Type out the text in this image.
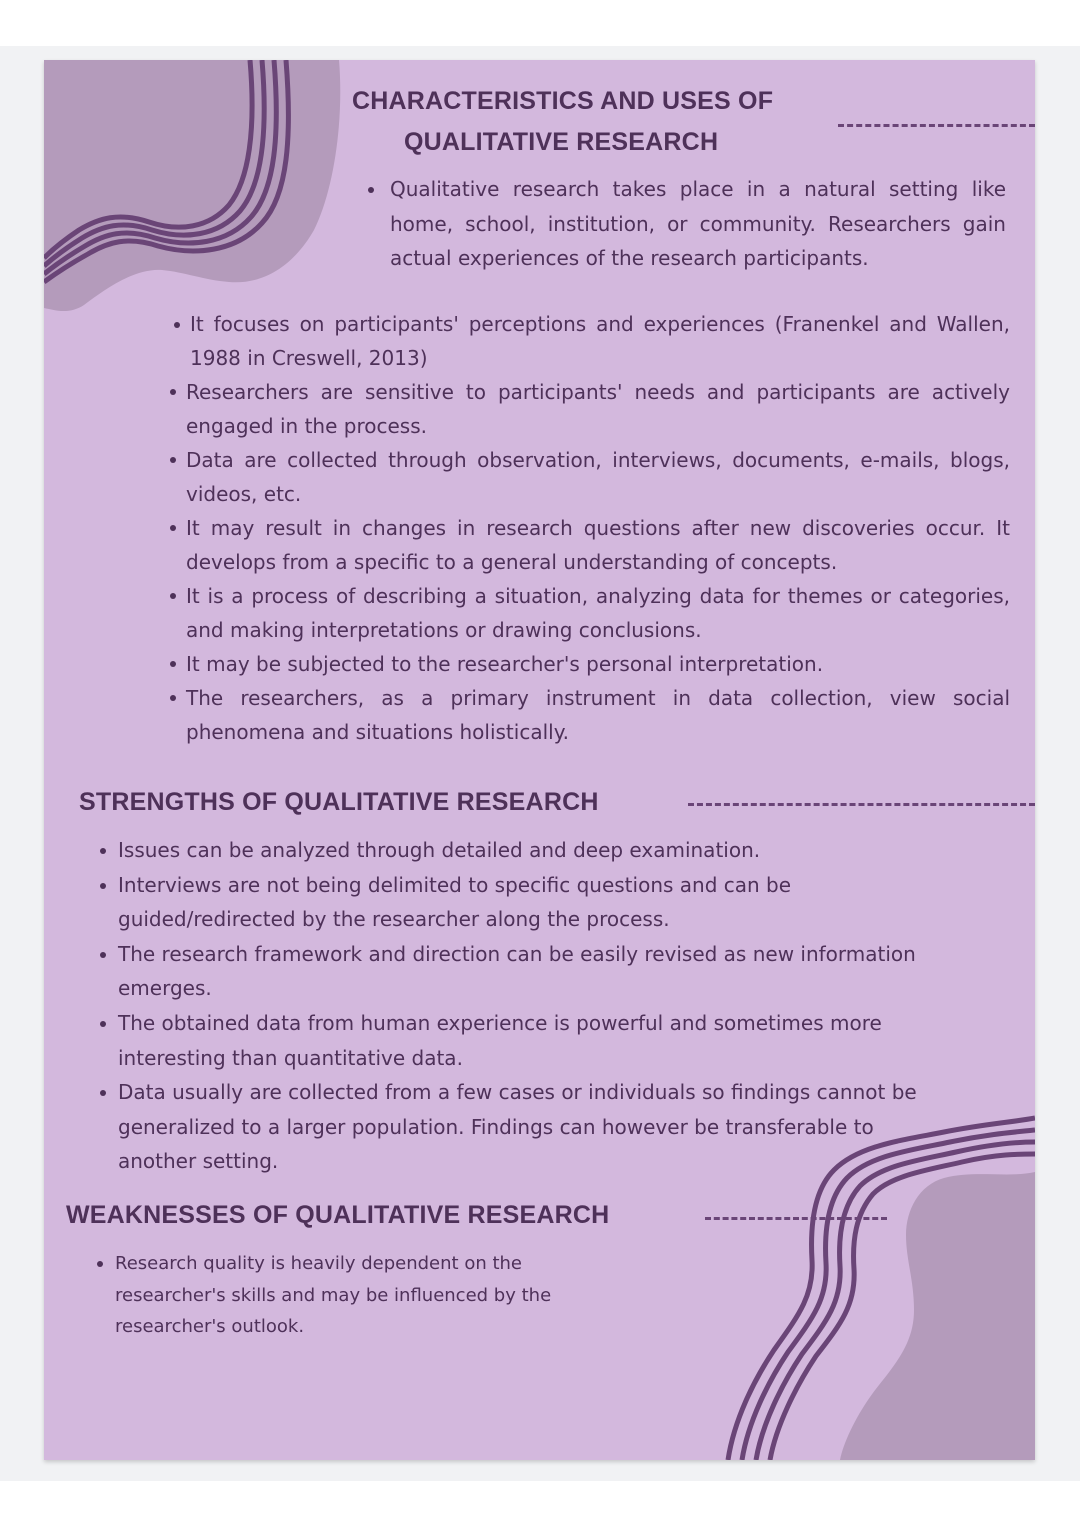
CHARACTERISTICS AND USES OF
QUALITATIVE RESEARCH
Qualitative research takes place in a natural setting like home, school, institution, or community. Researchers gain actual experiences of the research participants.
It focuses on participants' perceptions and experiences (Franenkel and Wallen, 1988 in Creswell, 2013)
Researchers are sensitive to participants' needs and participants are actively engaged in the process.
Data are collected through observation, interviews, documents, e-mails, blogs, videos, etc.
It may result in changes in research questions after new discoveries occur. It develops from a specific to a general understanding of concepts.
It is a process of describing a situation, analyzing data for themes or categories, and making interpretations or drawing conclusions.
It may be subjected to the researcher's personal interpretation.
The researchers, as a primary instrument in data collection, view social phenomena and situations holistically.
STRENGTHS OF QUALITATIVE RESEARCH
Issues can be analyzed through detailed and deep examination.
Interviews are not being delimited to specific questions and can be guided/redirected by the researcher along the process.
The research framework and direction can be easily revised as new information emerges.
The obtained data from human experience is powerful and sometimes more interesting than quantitative data.
Data usually are collected from a few cases or individuals so findings cannot be generalized to a larger population. Findings can however be transferable to another setting.
WEAKNESSES OF QUALITATIVE RESEARCH
Research quality is heavily dependent on the researcher's skills and may be influenced by the researcher's outlook.
